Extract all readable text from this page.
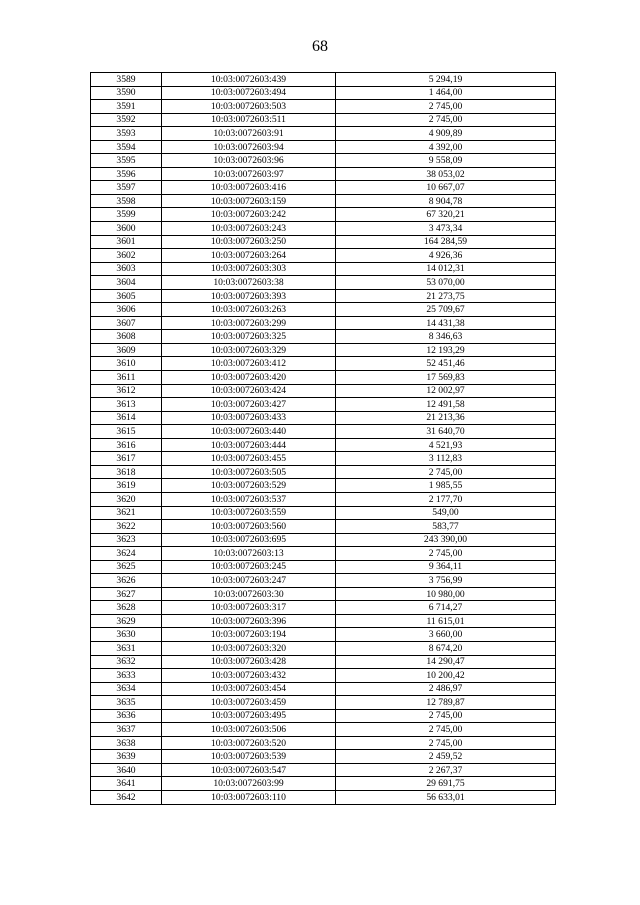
68
3589	10:03:0072603:439	5 294,19
3590	10:03:0072603:494	1 464,00
3591	10:03:0072603:503	2 745,00
3592	10:03:0072603:511	2 745,00
3593	10:03:0072603:91	4 909,89
3594	10:03:0072603:94	4 392,00
3595	10:03:0072603:96	9 558,09
3596	10:03:0072603:97	38 053,02
3597	10:03:0072603:416	10 667,07
3598	10:03:0072603:159	8 904,78
3599	10:03:0072603:242	67 320,21
3600	10:03:0072603:243	3 473,34
3601	10:03:0072603:250	164 284,59
3602	10:03:0072603:264	4 926,36
3603	10:03:0072603:303	14 012,31
3604	10:03:0072603:38	53 070,00
3605	10:03:0072603:393	21 273,75
3606	10:03:0072603:263	25 709,67
3607	10:03:0072603:299	14 431,38
3608	10:03:0072603:325	8 346,63
3609	10:03:0072603:329	12 193,29
3610	10:03:0072603:412	52 451,46
3611	10:03:0072603:420	17 569,83
3612	10:03:0072603:424	12 002,97
3613	10:03:0072603:427	12 491,58
3614	10:03:0072603:433	21 213,36
3615	10:03:0072603:440	31 640,70
3616	10:03:0072603:444	4 521,93
3617	10:03:0072603:455	3 112,83
3618	10:03:0072603:505	2 745,00
3619	10:03:0072603:529	1 985,55
3620	10:03:0072603:537	2 177,70
3621	10:03:0072603:559	549,00
3622	10:03:0072603:560	583,77
3623	10:03:0072603:695	243 390,00
3624	10:03:0072603:13	2 745,00
3625	10:03:0072603:245	9 364,11
3626	10:03:0072603:247	3 756,99
3627	10:03:0072603:30	10 980,00
3628	10:03:0072603:317	6 714,27
3629	10:03:0072603:396	11 615,01
3630	10:03:0072603:194	3 660,00
3631	10:03:0072603:320	8 674,20
3632	10:03:0072603:428	14 290,47
3633	10:03:0072603:432	10 200,42
3634	10:03:0072603:454	2 486,97
3635	10:03:0072603:459	12 789,87
3636	10:03:0072603:495	2 745,00
3637	10:03:0072603:506	2 745,00
3638	10:03:0072603:520	2 745,00
3639	10:03:0072603:539	2 459,52
3640	10:03:0072603:547	2 267,37
3641	10:03:0072603:99	29 691,75
3642	10:03:0072603:110	56 633,01
